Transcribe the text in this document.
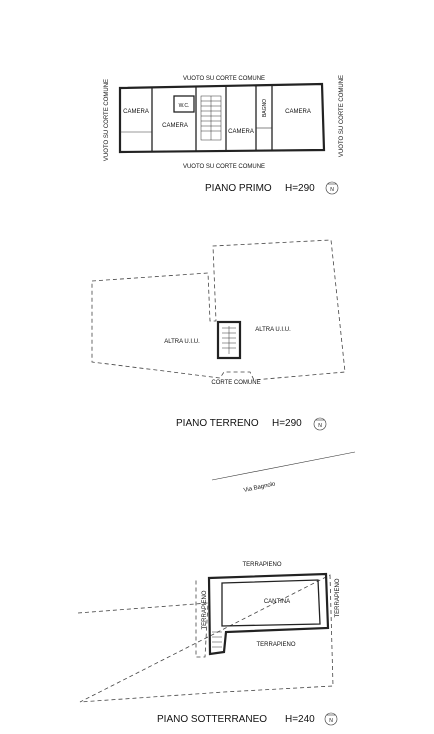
VUOTO SU CORTE COMUNE
VUOTO SU CORTE COMUNE
VUOTO SU CORTE COMUNE	VUOTO SU CORTE COMUNE
CAMERA
CAMERA
W.C.
CAMERA
BAGNO	CAMERA
PIANO PRIMO H=290	N
ALTRA U.I.U.
ALTRA U.I.U.
CORTE COMUNE
PIANO TERRENO H=290	N
Via Bagnolo
TERRAPIENO
TERRAPIENO	TERRAPIENO
CANTINA
TERRAPIENO
PIANO SOTTERRANEO H=240	N
